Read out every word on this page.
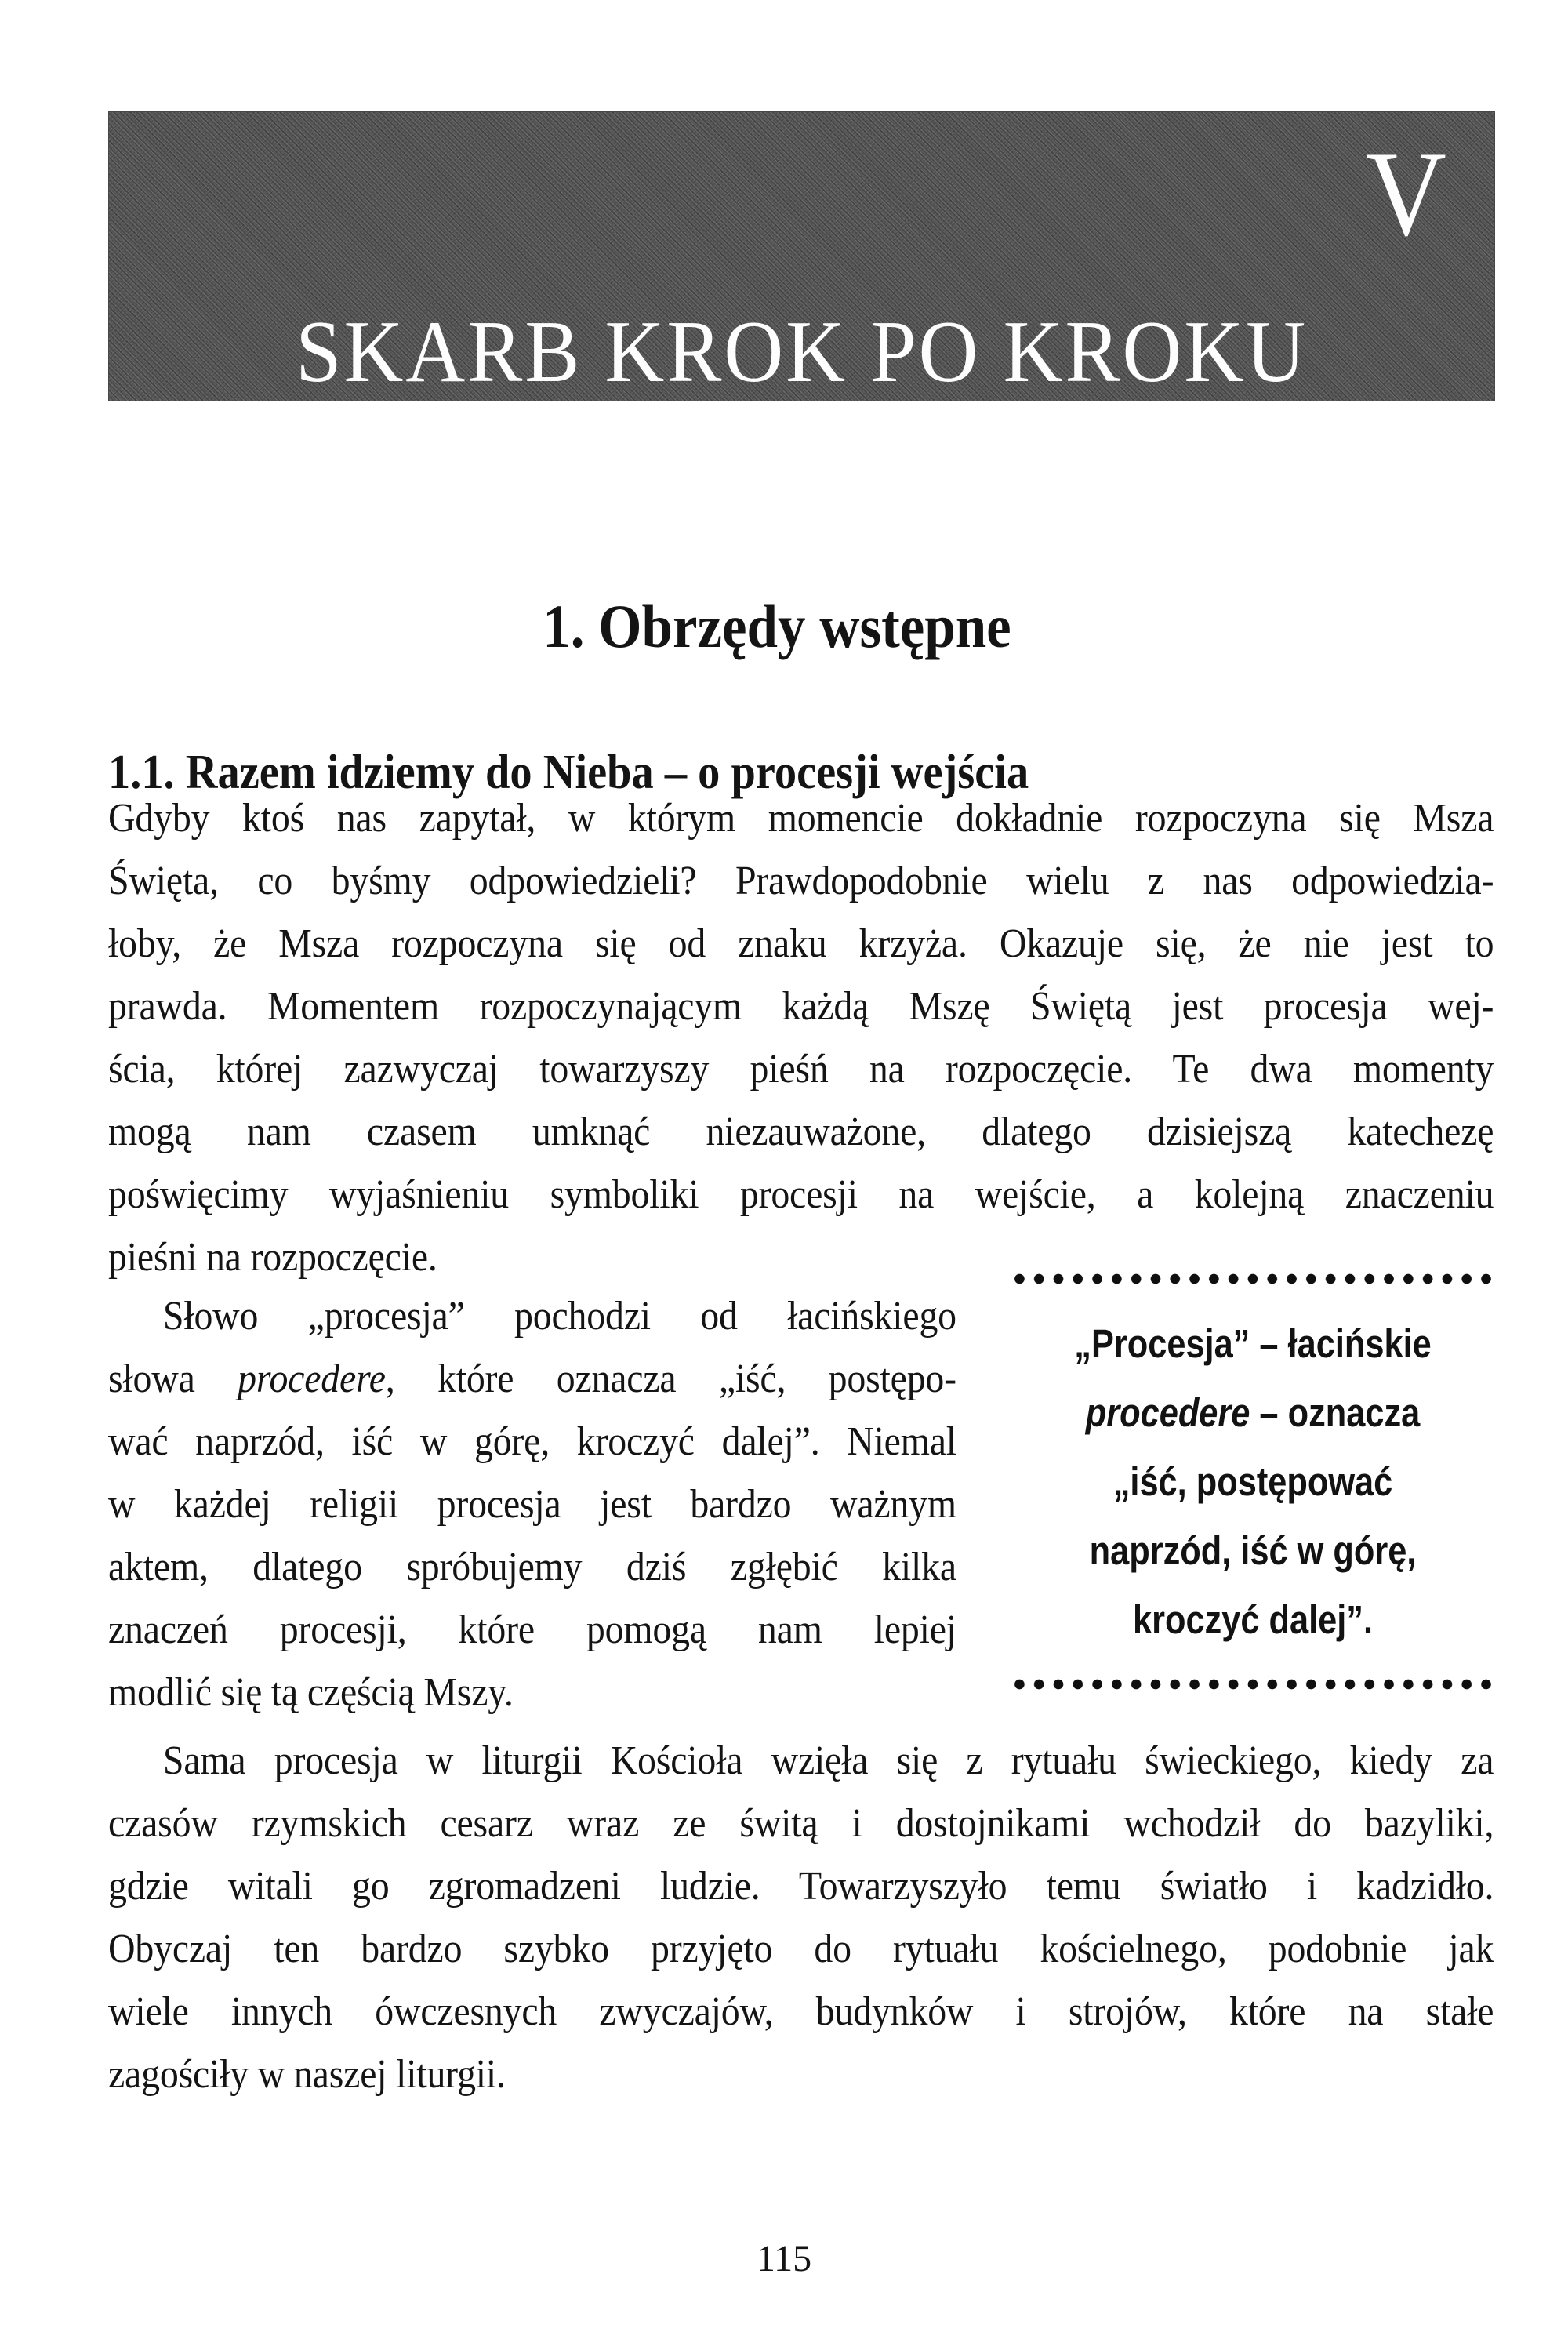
V
SKARB KROK PO KROKU
1. Obrzędy wstępne
1.1. Razem idziemy do Nieba – o procesji wejścia
Gdyby ktoś nas zapytał, w którym momencie dokładnie rozpoczyna się Msza
Święta, co byśmy odpowiedzieli? Prawdopodobnie wielu z nas odpowiedzia-
łoby, że Msza rozpoczyna się od znaku krzyża. Okazuje się, że nie jest to
prawda. Momentem rozpoczynającym każdą Mszę Świętą jest procesja wej-
ścia, której zazwyczaj towarzyszy pieśń na rozpoczęcie. Te dwa momenty
mogą nam czasem umknąć niezauważone, dlatego dzisiejszą katechezę
poświęcimy wyjaśnieniu symboliki procesji na wejście, a kolejną znaczeniu
pieśni na rozpoczęcie.
Słowo „procesja” pochodzi od łacińskiego
słowa procedere, które oznacza „iść, postępo-
wać naprzód, iść w górę, kroczyć dalej”. Niemal
w każdej religii procesja jest bardzo ważnym
aktem, dlatego spróbujemy dziś zgłębić kilka
znaczeń procesji, które pomogą nam lepiej
modlić się tą częścią Mszy.
„Procesja” – łacińskie
procedere – oznacza
„iść, postępować
naprzód, iść w górę,
kroczyć dalej”.
Sama procesja w liturgii Kościoła wzięła się z rytuału świeckiego, kiedy za
czasów rzymskich cesarz wraz ze świtą i dostojnikami wchodził do bazyliki,
gdzie witali go zgromadzeni ludzie. Towarzyszyło temu światło i kadzidło.
Obyczaj ten bardzo szybko przyjęto do rytuału kościelnego, podobnie jak
wiele innych ówczesnych zwyczajów, budynków i strojów, które na stałe
zagościły w naszej liturgii.
115
